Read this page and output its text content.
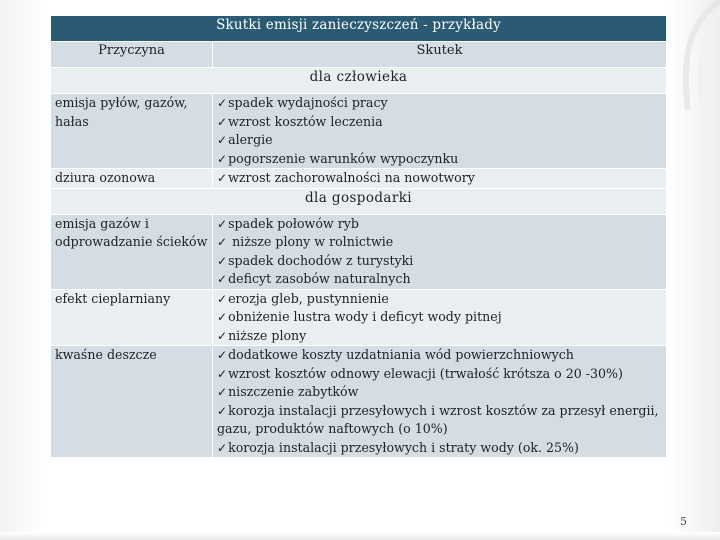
Skutki emisji zanieczyszczeń - przykłady	
Przyczyna	Skutek
dla człowieka	
emisja pyłów, gazów, hałas	✓spadek wydajności pracy
✓wzrost kosztów leczenia
✓alergie
✓pogorszenie warunków wypoczynku

dziura ozonowa	✓wzrost zachorowalności na nowotwory

dla gospodarki	
emisja gazów i odprowadzanie ścieków	✓spadek połowów ryb
✓ niższe plony w rolnictwie
✓spadek dochodów z turystyki
✓deficyt zasobów naturalnych

efekt cieplarniany	✓erozja gleb, pustynnienie
✓obniżenie lustra wody i deficyt wody pitnej
✓niższe plony

kwaśne deszcze	✓dodatkowe koszty uzdatniania wód powierzchniowych
✓wzrost kosztów odnowy elewacji (trwałość krótsza o 20 -30%)
✓niszczenie zabytków
✓korozja instalacji przesyłowych i wzrost kosztów za przesył energii, gazu, produktów naftowych (o 10%)
✓korozja instalacji przesyłowych i straty wody (ok. 25%)
5
